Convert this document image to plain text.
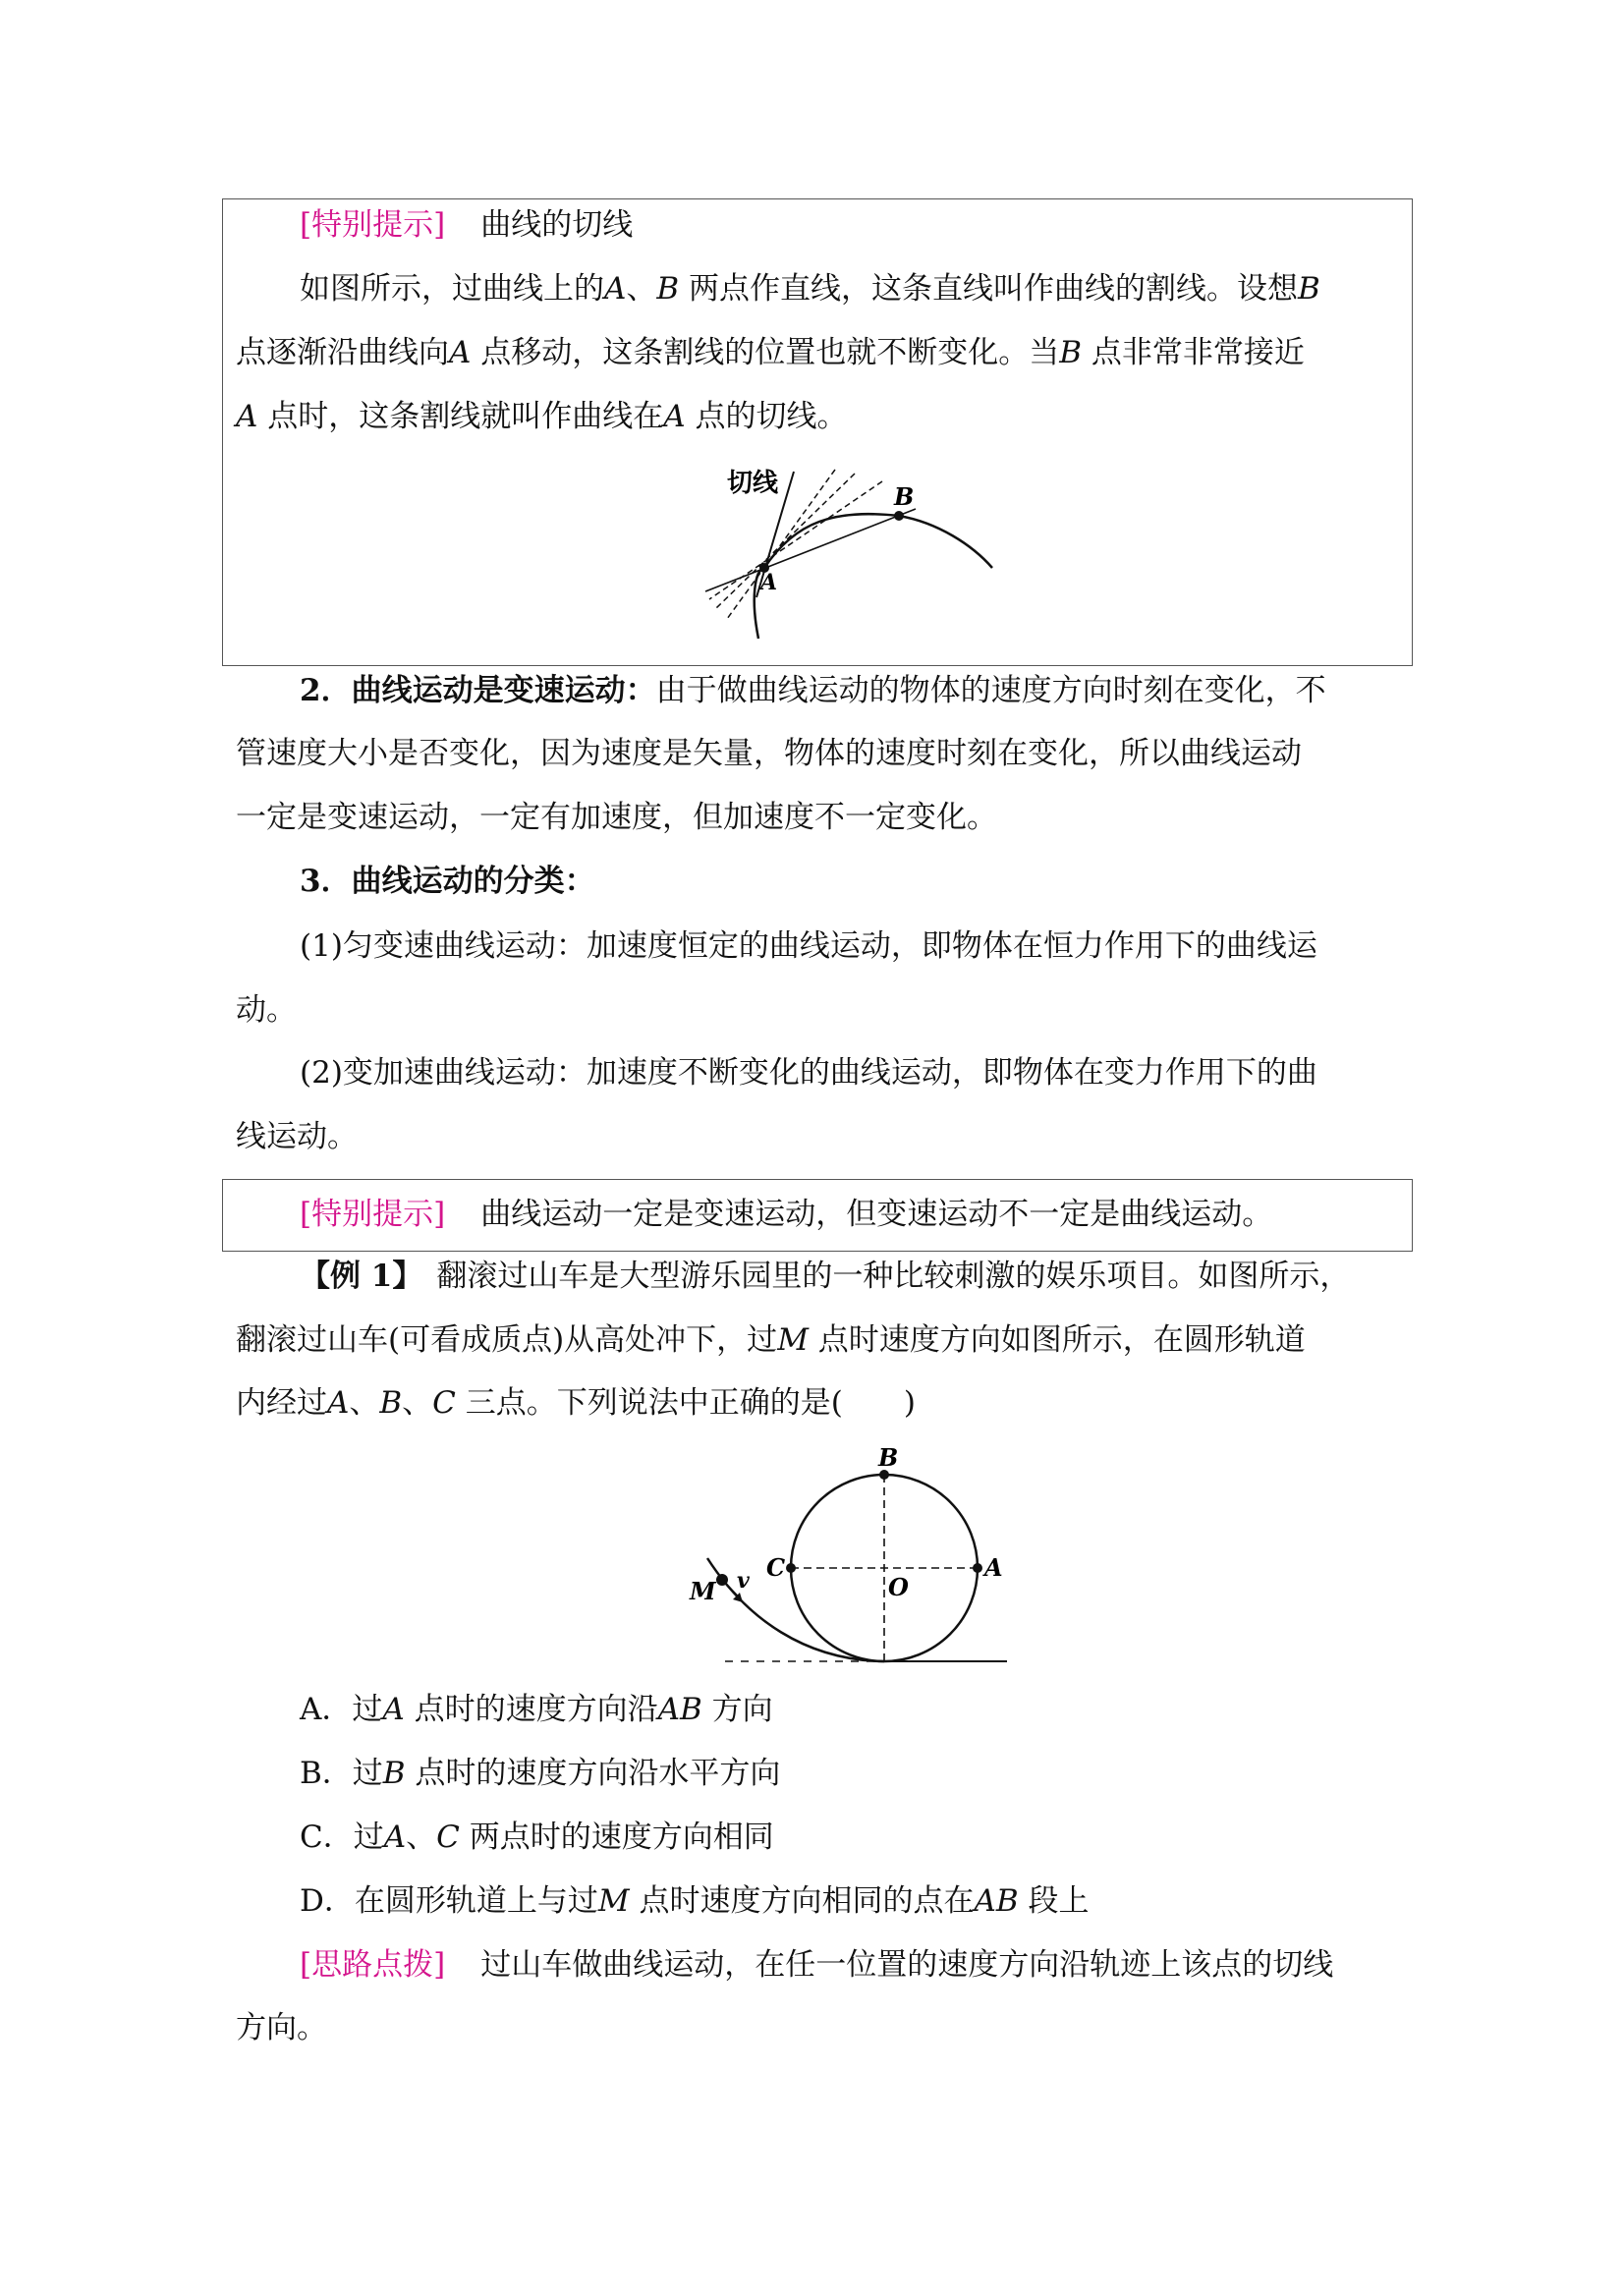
[特别提示] 曲线的切线
如图所示，过曲线上的A、B 两点作直线，这条直线叫作曲线的割线。设想B
点逐渐沿曲线向A 点移动，这条割线的位置也就不断变化。当B 点非常非常接近
A 点时，这条割线就叫作曲线在A 点的切线。
切线	B
A
2．曲线运动是变速运动：由于做曲线运动的物体的速度方向时刻在变化，不
管速度大小是否变化，因为速度是矢量，物体的速度时刻在变化，所以曲线运动
一定是变速运动，一定有加速度，但加速度不一定变化。
3．曲线运动的分类：
(1)匀变速曲线运动：加速度恒定的曲线运动，即物体在恒力作用下的曲线运
动。
(2)变加速曲线运动：加速度不断变化的曲线运动，即物体在变力作用下的曲
线运动。
[特别提示] 曲线运动一定是变速运动，但变速运动不一定是曲线运动。
【例 1】 翻滚过山车是大型游乐园里的一种比较刺激的娱乐项目。如图所示，
翻滚过山车(可看成质点)从高处冲下，过M 点时速度方向如图所示，在圆形轨道
内经过A、B、C 三点。下列说法中正确的是(　　)
B
A
C
O
M v
A．过A 点时的速度方向沿AB 方向
B．过B 点时的速度方向沿水平方向
C．过A、C 两点时的速度方向相同
D．在圆形轨道上与过M 点时速度方向相同的点在AB 段上
[思路点拨] 过山车做曲线运动，在任一位置的速度方向沿轨迹上该点的切线
方向。
